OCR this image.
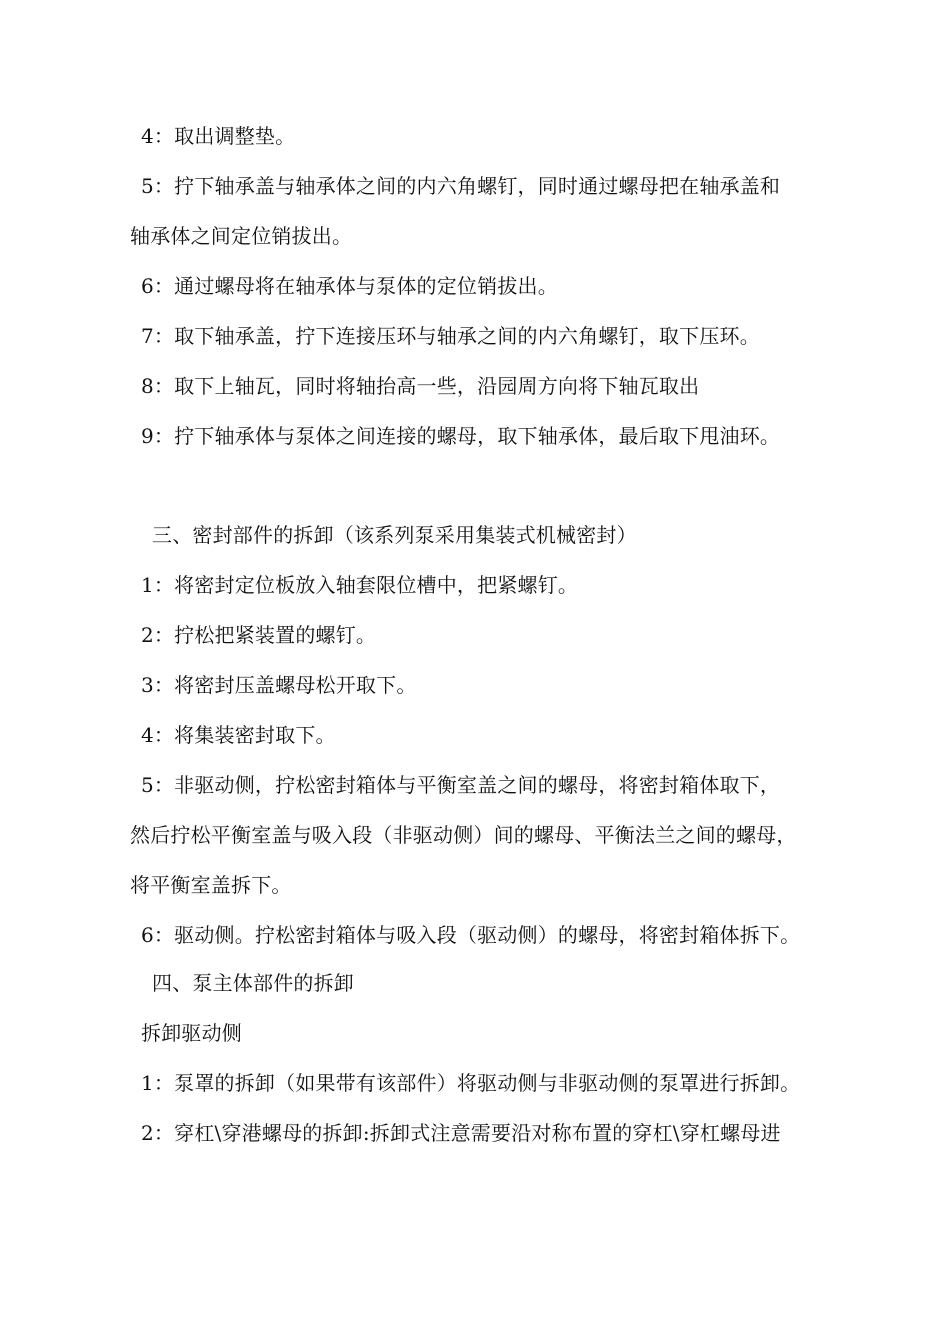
4：取出调整垫。
5：拧下轴承盖与轴承体之间的内六角螺钉，同时通过螺母把在轴承盖和
轴承体之间定位销拔出。
6：通过螺母将在轴承体与泵体的定位销拔出。
7：取下轴承盖，拧下连接压环与轴承之间的内六角螺钉，取下压环。
8：取下上轴瓦，同时将轴抬高一些，沿园周方向将下轴瓦取出
9：拧下轴承体与泵体之间连接的螺母，取下轴承体，最后取下甩油环。
三、密封部件的拆卸（该系列泵采用集装式机械密封）
1：将密封定位板放入轴套限位槽中，把紧螺钉。
2：拧松把紧装置的螺钉。
3：将密封压盖螺母松开取下。
4：将集装密封取下。
5：非驱动侧，拧松密封箱体与平衡室盖之间的螺母，将密封箱体取下，
然后拧松平衡室盖与吸入段（非驱动侧）间的螺母、平衡法兰之间的螺母，
将平衡室盖拆下。
6：驱动侧。拧松密封箱体与吸入段（驱动侧）的螺母，将密封箱体拆下。
四、泵主体部件的拆卸
拆卸驱动侧
1：泵罩的拆卸（如果带有该部件）将驱动侧与非驱动侧的泵罩进行拆卸。
2：穿杠\穿港螺母的拆卸:拆卸式注意需要沿对称布置的穿杠\穿杠螺母进
